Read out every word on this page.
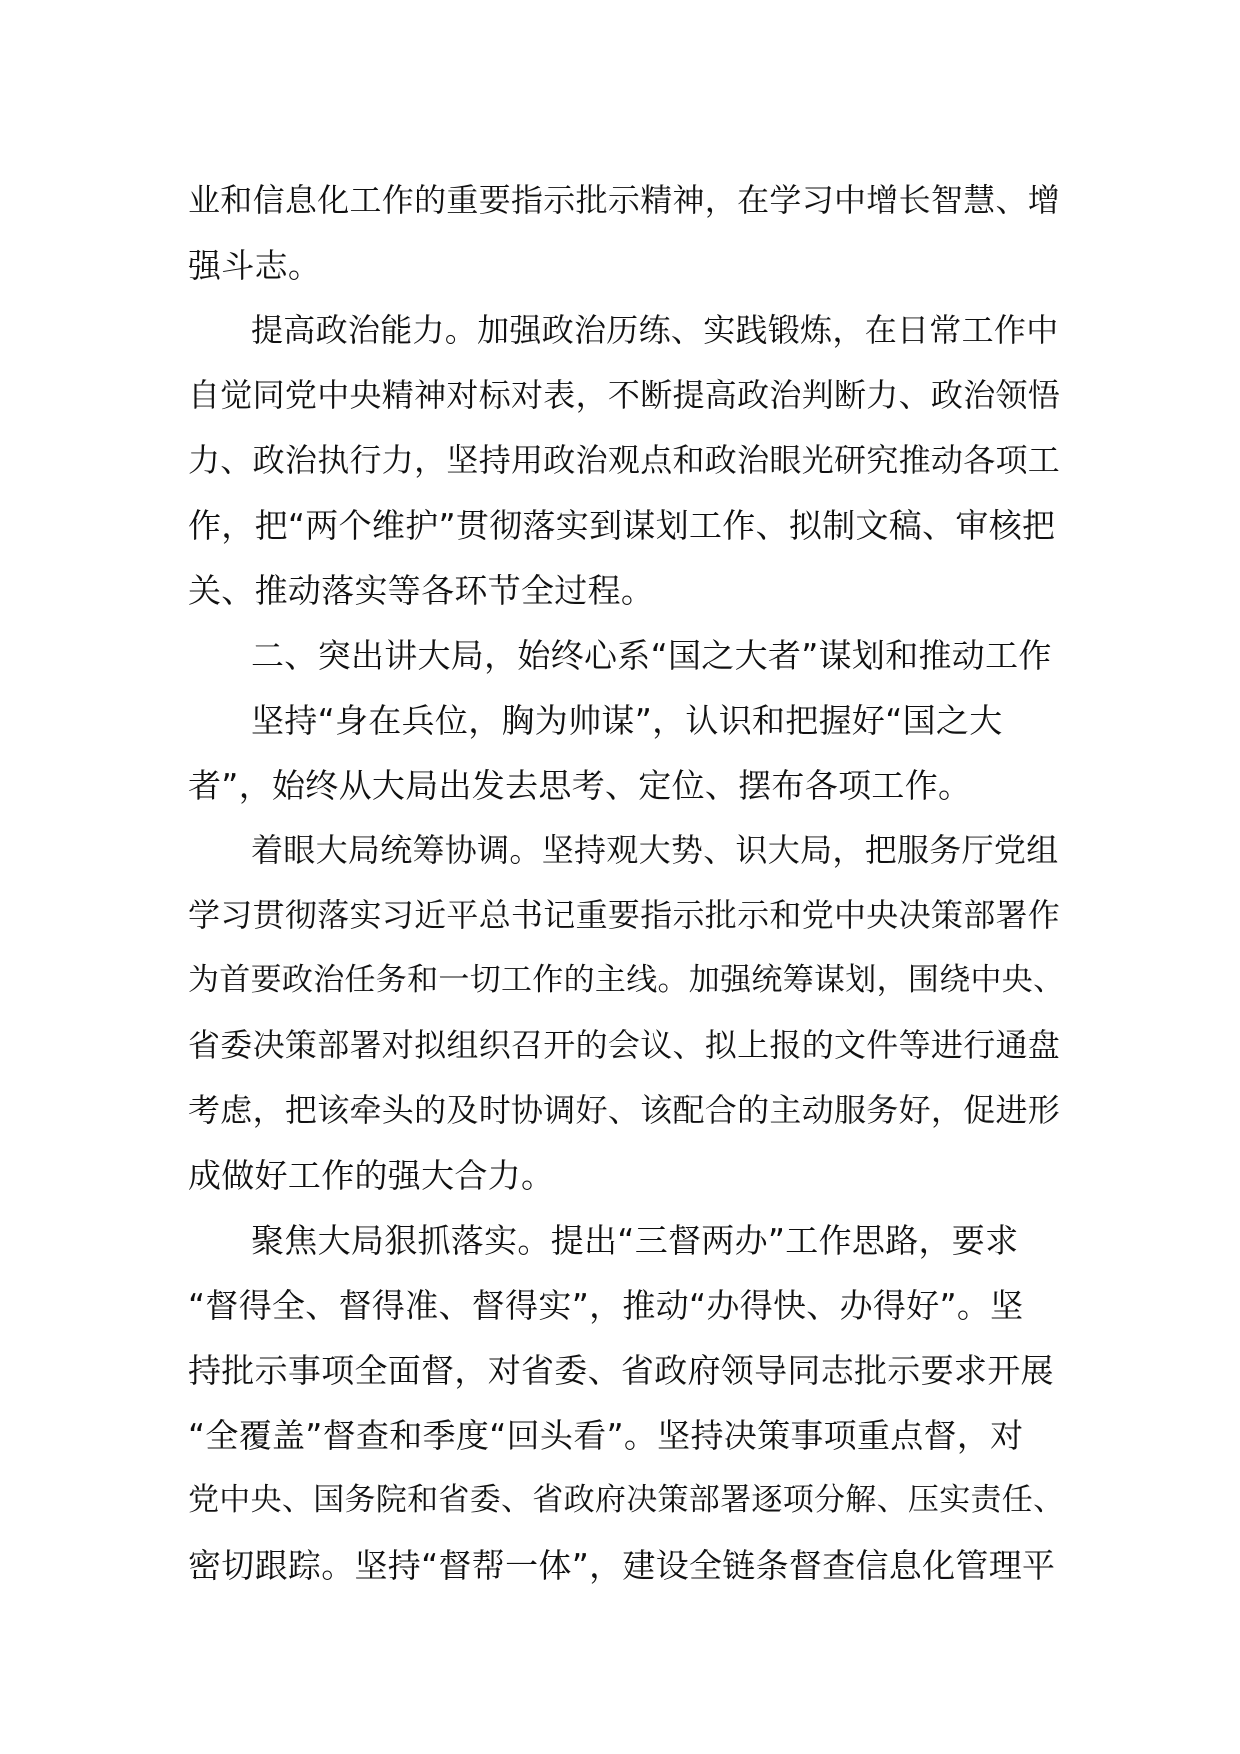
业和信息化工作的重要指示批示精神，在学习中增长智慧、增
强斗志。
提高政治能力。加强政治历练、实践锻炼，在日常工作中
自觉同党中央精神对标对表，不断提高政治判断力、政治领悟
力、政治执行力，坚持用政治观点和政治眼光研究推动各项工
作，把“两个维护”贯彻落实到谋划工作、拟制文稿、审核把
关、推动落实等各环节全过程。
二、突出讲大局，始终心系“国之大者”谋划和推动工作
坚持“身在兵位，胸为帅谋”，认识和把握好“国之大
者”，始终从大局出发去思考、定位、摆布各项工作。
着眼大局统筹协调。坚持观大势、识大局，把服务厅党组
学习贯彻落实习近平总书记重要指示批示和党中央决策部署作
为首要政治任务和一切工作的主线。加强统筹谋划，围绕中央、
省委决策部署对拟组织召开的会议、拟上报的文件等进行通盘
考虑，把该牵头的及时协调好、该配合的主动服务好，促进形
成做好工作的强大合力。
聚焦大局狠抓落实。提出“三督两办”工作思路，要求
“督得全、督得准、督得实”，推动“办得快、办得好”。坚
持批示事项全面督，对省委、省政府领导同志批示要求开展
“全覆盖”督查和季度“回头看”。坚持决策事项重点督，对
党中央、国务院和省委、省政府决策部署逐项分解、压实责任、
密切跟踪。坚持“督帮一体”，建设全链条督查信息化管理平
